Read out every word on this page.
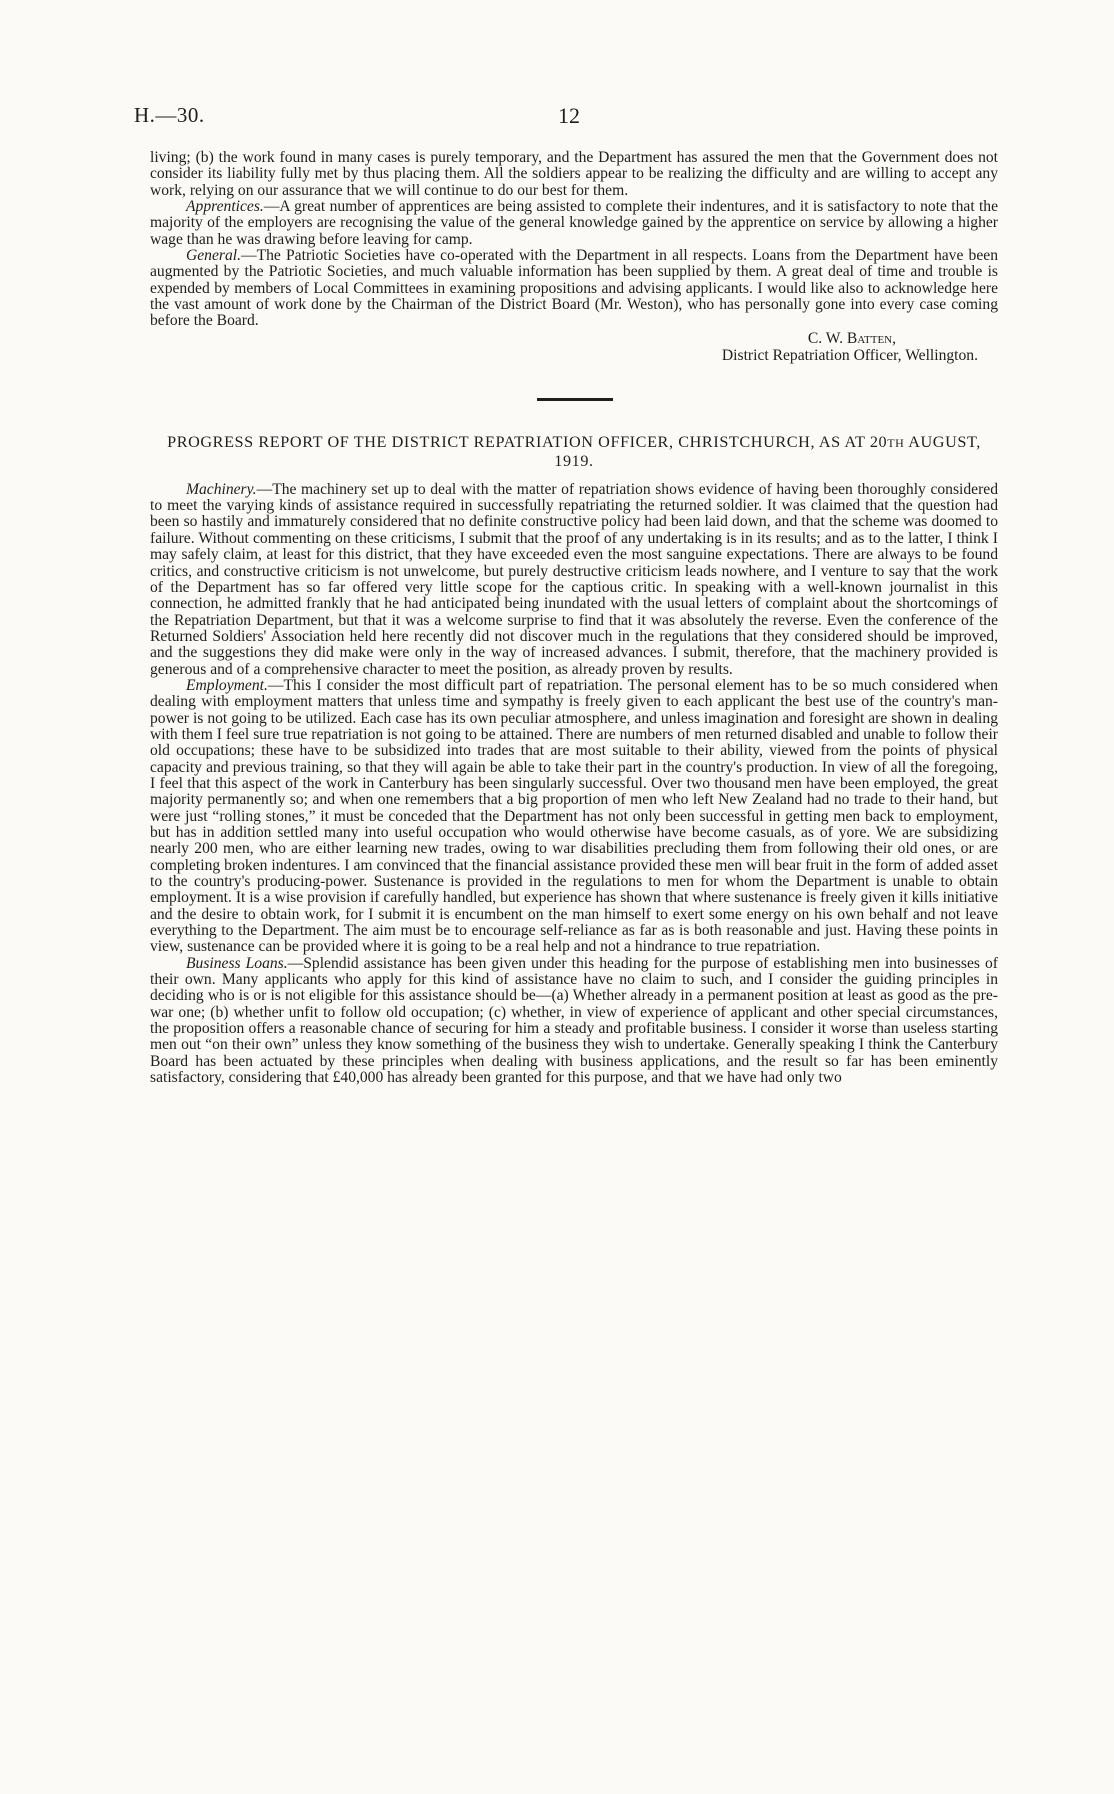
H.—30.	12

living; (b) the work found in many cases is purely temporary, and the Department has assured the men that the Government does not consider its liability fully met by thus placing them. All the soldiers appear to be realizing the difficulty and are willing to accept any work, relying on our assurance that we will continue to do our best for them.

Apprentices.—A great number of apprentices are being assisted to complete their indentures, and it is satisfactory to note that the majority of the employers are recognising the value of the general knowledge gained by the apprentice on service by allowing a higher wage than he was drawing before leaving for camp.

General.—The Patriotic Societies have co-operated with the Department in all respects. Loans from the Department have been augmented by the Patriotic Societies, and much valuable information has been supplied by them. A great deal of time and trouble is expended by members of Local Committees in examining propositions and advising applicants. I would like also to acknowledge here the vast amount of work done by the Chairman of the District Board (Mr. Weston), who has personally gone into every case coming before the Board.

C. W. Batten,
District Repatriation Officer, Wellington.
PROGRESS REPORT OF THE DISTRICT REPATRIATION OFFICER, CHRISTCHURCH, AS AT 20TH AUGUST, 1919.

Machinery.—The machinery set up to deal with the matter of repatriation shows evidence of having been thoroughly considered to meet the varying kinds of assistance required in successfully repatriating the returned soldier. It was claimed that the question had been so hastily and immaturely considered that no definite constructive policy had been laid down, and that the scheme was doomed to failure. Without commenting on these criticisms, I submit that the proof of any undertaking is in its results; and as to the latter, I think I may safely claim, at least for this district, that they have exceeded even the most sanguine expectations. There are always to be found critics, and constructive criticism is not unwelcome, but purely destructive criticism leads nowhere, and I venture to say that the work of the Department has so far offered very little scope for the captious critic. In speaking with a well-known journalist in this connection, he admitted frankly that he had anticipated being inundated with the usual letters of complaint about the shortcomings of the Repatriation Department, but that it was a welcome surprise to find that it was absolutely the reverse. Even the conference of the Returned Soldiers' Association held here recently did not discover much in the regulations that they considered should be improved, and the suggestions they did make were only in the way of increased advances. I submit, therefore, that the machinery provided is generous and of a comprehensive character to meet the position, as already proven by results.

Employment.—This I consider the most difficult part of repatriation. The personal element has to be so much considered when dealing with employment matters that unless time and sympathy is freely given to each applicant the best use of the country's man-power is not going to be utilized. Each case has its own peculiar atmosphere, and unless imagination and foresight are shown in dealing with them I feel sure true repatriation is not going to be attained. There are numbers of men returned disabled and unable to follow their old occupations; these have to be subsidized into trades that are most suitable to their ability, viewed from the points of physical capacity and previous training, so that they will again be able to take their part in the country's production. In view of all the foregoing, I feel that this aspect of the work in Canterbury has been singularly successful. Over two thousand men have been employed, the great majority permanently so; and when one remembers that a big proportion of men who left New Zealand had no trade to their hand, but were just “rolling stones,” it must be conceded that the Department has not only been successful in getting men back to employment, but has in addition settled many into useful occupation who would otherwise have become casuals, as of yore. We are subsidizing nearly 200 men, who are either learning new trades, owing to war disabilities precluding them from following their old ones, or are completing broken indentures. I am convinced that the financial assistance provided these men will bear fruit in the form of added asset to the country's producing-power. Sustenance is provided in the regulations to men for whom the Department is unable to obtain employment. It is a wise provision if carefully handled, but experience has shown that where sustenance is freely given it kills initiative and the desire to obtain work, for I submit it is encumbent on the man himself to exert some energy on his own behalf and not leave everything to the Department. The aim must be to encourage self-reliance as far as is both reasonable and just. Having these points in view, sustenance can be provided where it is going to be a real help and not a hindrance to true repatriation.

Business Loans.—Splendid assistance has been given under this heading for the purpose of establishing men into businesses of their own. Many applicants who apply for this kind of assistance have no claim to such, and I consider the guiding principles in deciding who is or is not eligible for this assistance should be—(a) Whether already in a permanent position at least as good as the pre-war one; (b) whether unfit to follow old occupation; (c) whether, in view of experience of applicant and other special circumstances, the proposition offers a reasonable chance of securing for him a steady and profitable business. I consider it worse than useless starting men out “on their own” unless they know something of the business they wish to undertake. Generally speaking I think the Canterbury Board has been actuated by these principles when dealing with business applications, and the result so far has been eminently satisfactory, considering that £40,000 has already been granted for this purpose, and that we have had only two
